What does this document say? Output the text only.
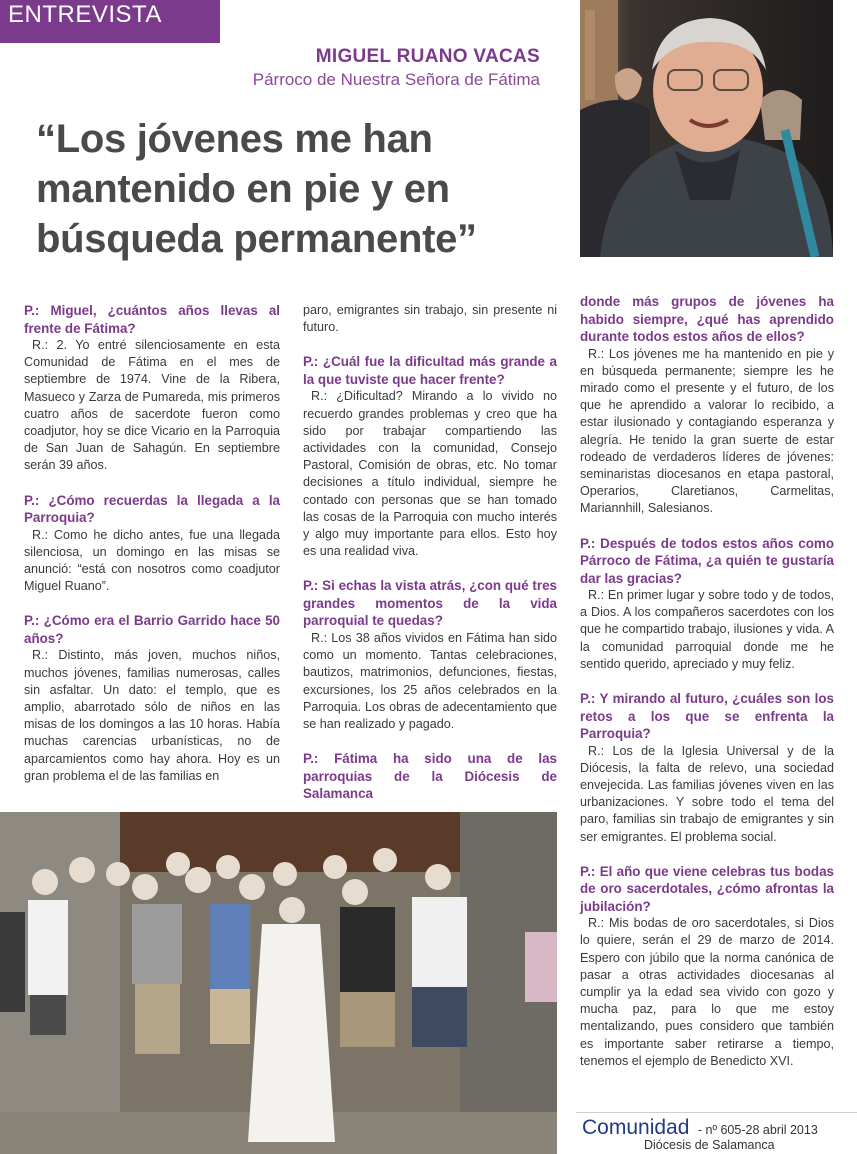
ENTREVISTA
MIGUEL RUANO VACAS
Párroco de Nuestra Señora de Fátima
“Los jóvenes me han mantenido en pie y en búsqueda permanente”

P.: Miguel, ¿cuántos años llevas al frente de Fátima?

R.: 2. Yo entré silenciosamente en esta Comunidad de Fátima en el mes de septiembre de 1974. Vine de la Ribera, Masueco y Zarza de Pumareda, mis primeros cuatro años de sacerdote fueron como coadjutor, hoy se dice Vicario en la Parroquia de San Juan de Sahagún. En septiembre serán 39 años.

P.: ¿Cómo recuerdas la llegada a la Parroquia?

R.: Como he dicho antes, fue una llegada silenciosa, un domingo en las misas se anunció: “está con nosotros como coadjutor Miguel Ruano”.

P.: ¿Cómo era el Barrio Garrido hace 50 años?

R.: Distinto, más joven, muchos niños, muchos jóvenes, familias numerosas, calles sin asfaltar. Un dato: el templo, que es amplio, abarrotado sólo de niños en las misas de los domingos a las 10 horas. Había muchas carencias urbanísticas, no de aparcamientos como hay ahora. Hoy es un gran problema el de las familias en

paro, emigrantes sin trabajo, sin presente ni futuro.

P.: ¿Cuál fue la dificultad más grande a la que tuviste que hacer frente?

R.: ¿Dificultad? Mirando a lo vivido no recuerdo grandes problemas y creo que ha sido por trabajar compartiendo las actividades con la comunidad, Consejo Pastoral, Comisión de obras, etc. No tomar decisiones a título individual, siempre he contado con personas que se han tomado las cosas de la Parroquia con mucho interés y algo muy importante para ellos. Esto hoy es una realidad viva.

P.: Si echas la vista atrás, ¿con qué tres grandes momentos de la vida parroquial te quedas?

R.: Los 38 años vividos en Fátima han sido como un momento. Tantas celebraciones, bautizos, matrimonios, defunciones, fiestas, excursiones, los 25 años celebrados en la Parroquia. Los obras de adecentamiento que se han realizado y pagado.

P.: Fátima ha sido una de las parroquias de la Diócesis de Salamanca

donde más grupos de jóvenes ha habido siempre, ¿qué has aprendido durante todos estos años de ellos?

R.: Los jóvenes me ha mantenido en pie y en búsqueda permanente; siempre les he mirado como el presente y el futuro, de los que he aprendido a valorar lo recibido, a estar ilusionado y contagiando esperanza y alegría. He tenido la gran suerte de estar rodeado de verdaderos líderes de jóvenes: seminaristas diocesanos en etapa pastoral, Operarios, Claretianos, Carmelitas, Mariannhill, Salesianos.

P.: Después de todos estos años como Párroco de Fátima, ¿a quién te gustaría dar las gracias?

R.: En primer lugar y sobre todo y de todos, a Dios. A los compañeros sacerdotes con los que he compartido trabajo, ilusiones y vida. A la comunidad parroquial donde me he sentido querido, apreciado y muy feliz.

P.: Y mirando al futuro, ¿cuáles son los retos a los que se enfrenta la Parroquia?

R.: Los de la Iglesia Universal y de la Diócesis, la falta de relevo, una sociedad envejecida. Las familias jóvenes viven en las urbanizaciones. Y sobre todo el tema del paro, familias sin trabajo de emigrantes y sin ser emigrantes. El problema social.

P.: El año que viene celebras tus bodas de oro sacerdotales, ¿cómo afrontas la jubilación?

R.: Mis bodas de oro sacerdotales, si Dios lo quiere, serán el 29 de marzo de 2014. Espero con júbilo que la norma canónica de pasar a otras actividades diocesanas al cumplir ya la edad sea vivido con gozo y mucha paz, para lo que me estoy mentalizando, pues considero que también es importante saber retirarse a tiempo, tenemos el ejemplo de Benedicto XVI.

Comunidad - nº 605-28 abril 2013
Diócesis de Salamanca
